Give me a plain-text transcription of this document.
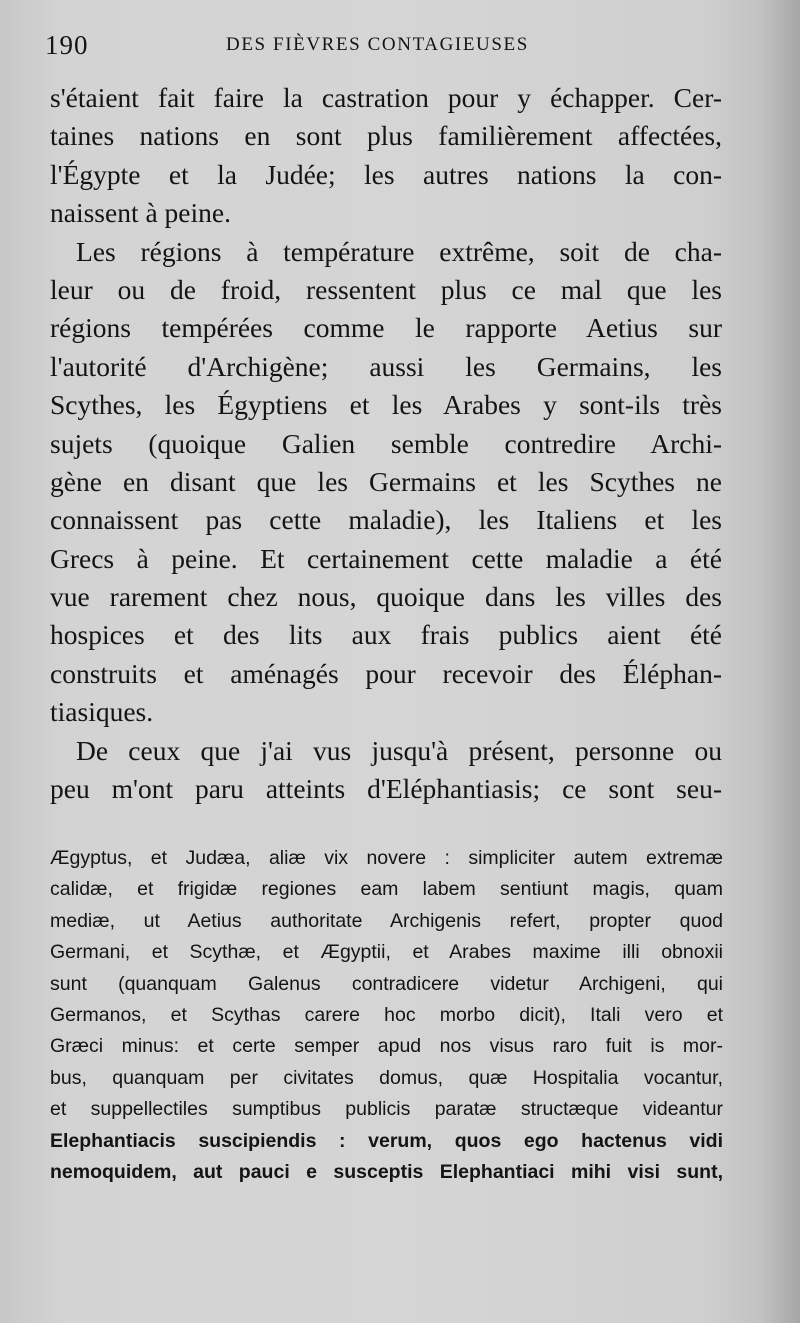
190	DES FIÈVRES CONTAGIEUSES
s'étaient fait faire la castration pour y échapper. Cer-
taines nations en sont plus familièrement affectées,
l'Égypte et la Judée; les autres nations la con-
naissent à peine.
Les régions à température extrême, soit de cha-
leur ou de froid, ressentent plus ce mal que les
régions tempérées comme le rapporte Aetius sur
l'autorité d'Archigène; aussi les Germains, les
Scythes, les Égyptiens et les Arabes y sont-ils très
sujets (quoique Galien semble contredire Archi-
gène en disant que les Germains et les Scythes ne
connaissent pas cette maladie), les Italiens et les
Grecs à peine. Et certainement cette maladie a été
vue rarement chez nous, quoique dans les villes des
hospices et des lits aux frais publics aient été
construits et aménagés pour recevoir des Éléphan-
tiasiques.
De ceux que j'ai vus jusqu'à présent, personne ou
peu m'ont paru atteints d'Eléphantiasis; ce sont seu-
Ægyptus, et Judæa, aliæ vix novere : simpliciter autem extremæ
calidæ, et frigidæ regiones eam labem sentiunt magis, quam
mediæ, ut Aetius authoritate Archigenis refert, propter quod
Germani, et Scythæ, et Ægyptii, et Arabes maxime illi obnoxii
sunt (quanquam Galenus contradicere videtur Archigeni, qui
Germanos, et Scythas carere hoc morbo dicit), Itali vero et
Græci minus: et certe semper apud nos visus raro fuit is mor-
bus, quanquam per civitates domus, quæ Hospitalia vocantur,
et suppellectiles sumptibus publicis paratæ structæque videantur
Elephantiacis suscipiendis : verum, quos ego hactenus vidi
nemoquidem, aut pauci e susceptis Elephantiaci mihi visi sunt,
